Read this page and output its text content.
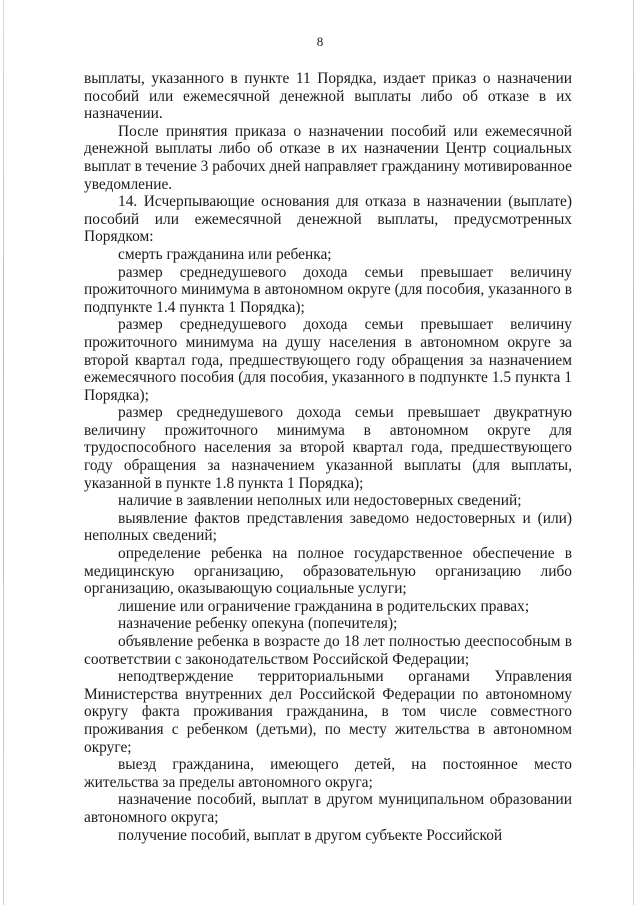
8

выплаты, указанного в пункте 11 Порядка, издает приказ о назначении пособий или ежемесячной денежной выплаты либо об отказе в их назначении.

После принятия приказа о назначении пособий или ежемесячной денежной выплаты либо об отказе в их назначении Центр социальных выплат в течение 3 рабочих дней направляет гражданину мотивированное уведомление.

14. Исчерпывающие основания для отказа в назначении (выплате) пособий или ежемесячной денежной выплаты, предусмотренных Порядком:

смерть гражданина или ребенка;

размер среднедушевого дохода семьи превышает величину прожиточного минимума в автономном округе (для пособия, указанного в подпункте 1.4 пункта 1 Порядка);

размер среднедушевого дохода семьи превышает величину прожиточного минимума на душу населения в автономном округе за второй квартал года, предшествующего году обращения за назначением ежемесячного пособия (для пособия, указанного в подпункте 1.5 пункта 1 Порядка);

размер среднедушевого дохода семьи превышает двукратную величину прожиточного минимума в автономном округе для трудоспособного населения за второй квартал года, предшествующего году обращения за назначением указанной выплаты (для выплаты, указанной в пункте 1.8 пункта 1 Порядка);

наличие в заявлении неполных или недостоверных сведений;

выявление фактов представления заведомо недостоверных и (или) неполных сведений;

определение ребенка на полное государственное обеспечение в медицинскую организацию, образовательную организацию либо организацию, оказывающую социальные услуги;

лишение или ограничение гражданина в родительских правах;

назначение ребенку опекуна (попечителя);

объявление ребенка в возрасте до 18 лет полностью дееспособным в соответствии с законодательством Российской Федерации;

неподтверждение территориальными органами Управления Министерства внутренних дел Российской Федерации по автономному округу факта проживания гражданина, в том числе совместного проживания с ребенком (детьми), по месту жительства в автономном округе;

выезд гражданина, имеющего детей, на постоянное место жительства за пределы автономного округа;

назначение пособий, выплат в другом муниципальном образовании автономного округа;

получение пособий, выплат в другом субъекте Российской
